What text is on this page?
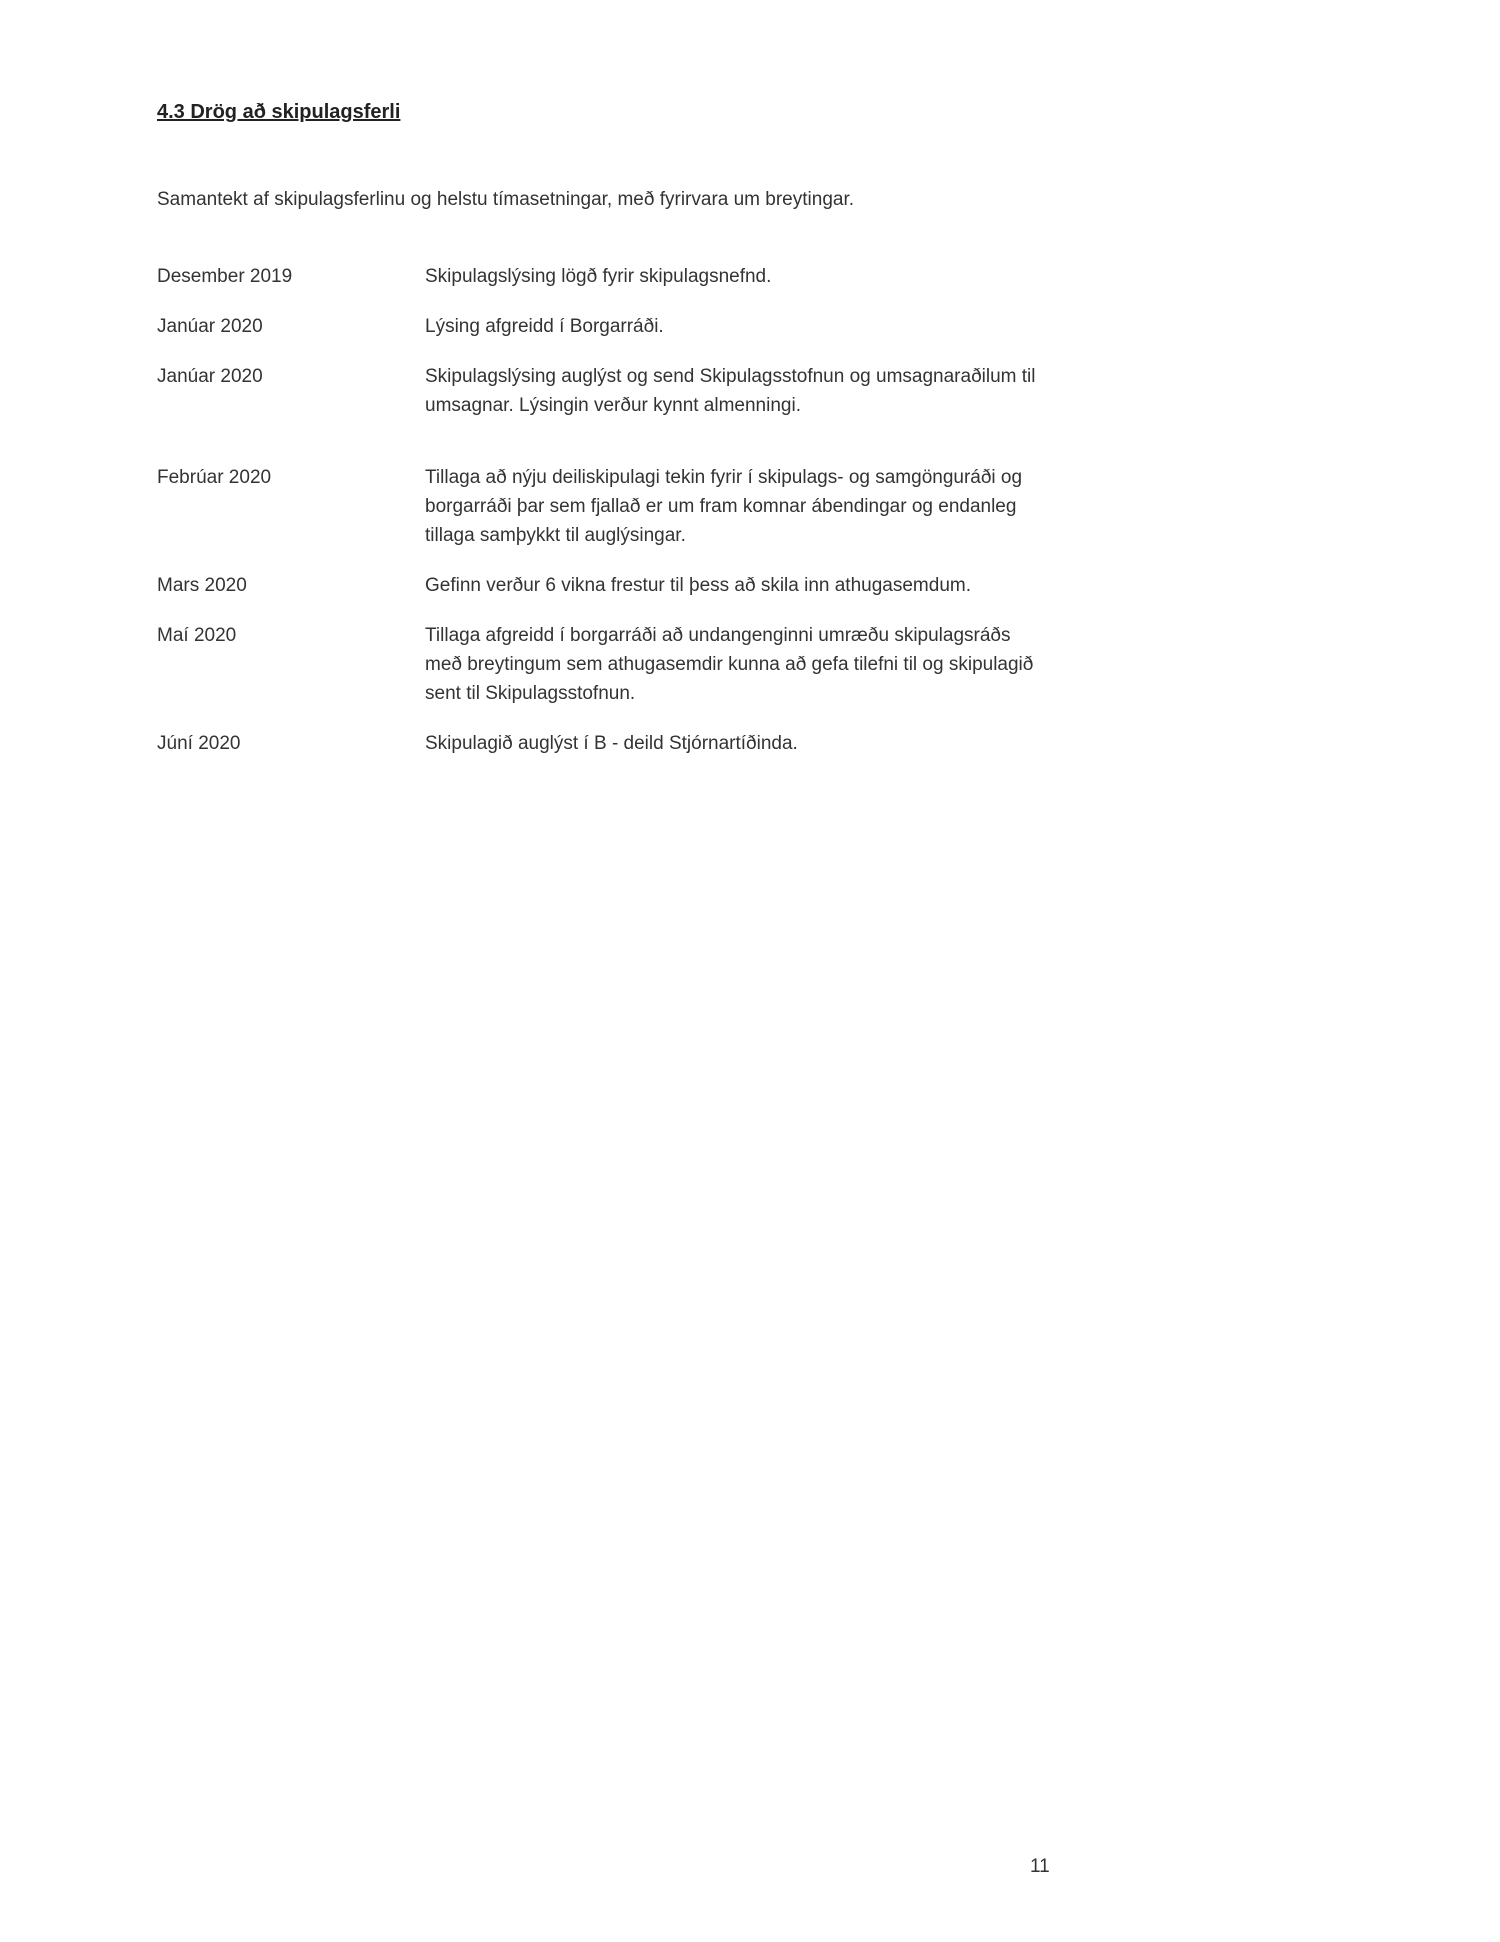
4.3 Drög að skipulagsferli
Samantekt af skipulagsferlinu og helstu tímasetningar, með fyrirvara um breytingar.
Desember 2019	Skipulagslýsing lögð fyrir skipulagsnefnd.
Janúar 2020	Lýsing afgreidd í Borgarráði.
Janúar 2020	Skipulagslýsing auglýst og send Skipulagsstofnun og umsagnaraðilum til umsagnar. Lýsingin verður kynnt almenningi.
Febrúar 2020	Tillaga að nýju deiliskipulagi tekin fyrir í skipulags- og samgönguráði og borgarráði þar sem fjallað er um fram komnar ábendingar og endanleg tillaga samþykkt til auglýsingar.
Mars 2020	Gefinn verður 6 vikna frestur til þess að skila inn athugasemdum.
Maí 2020	Tillaga afgreidd í borgarráði að undangenginni umræðu skipulagsráðs með breytingum sem athugasemdir kunna að gefa tilefni til og skipulagið sent til Skipulagsstofnun.
Júní 2020	Skipulagið auglýst í B - deild Stjórnartíðinda.
11
